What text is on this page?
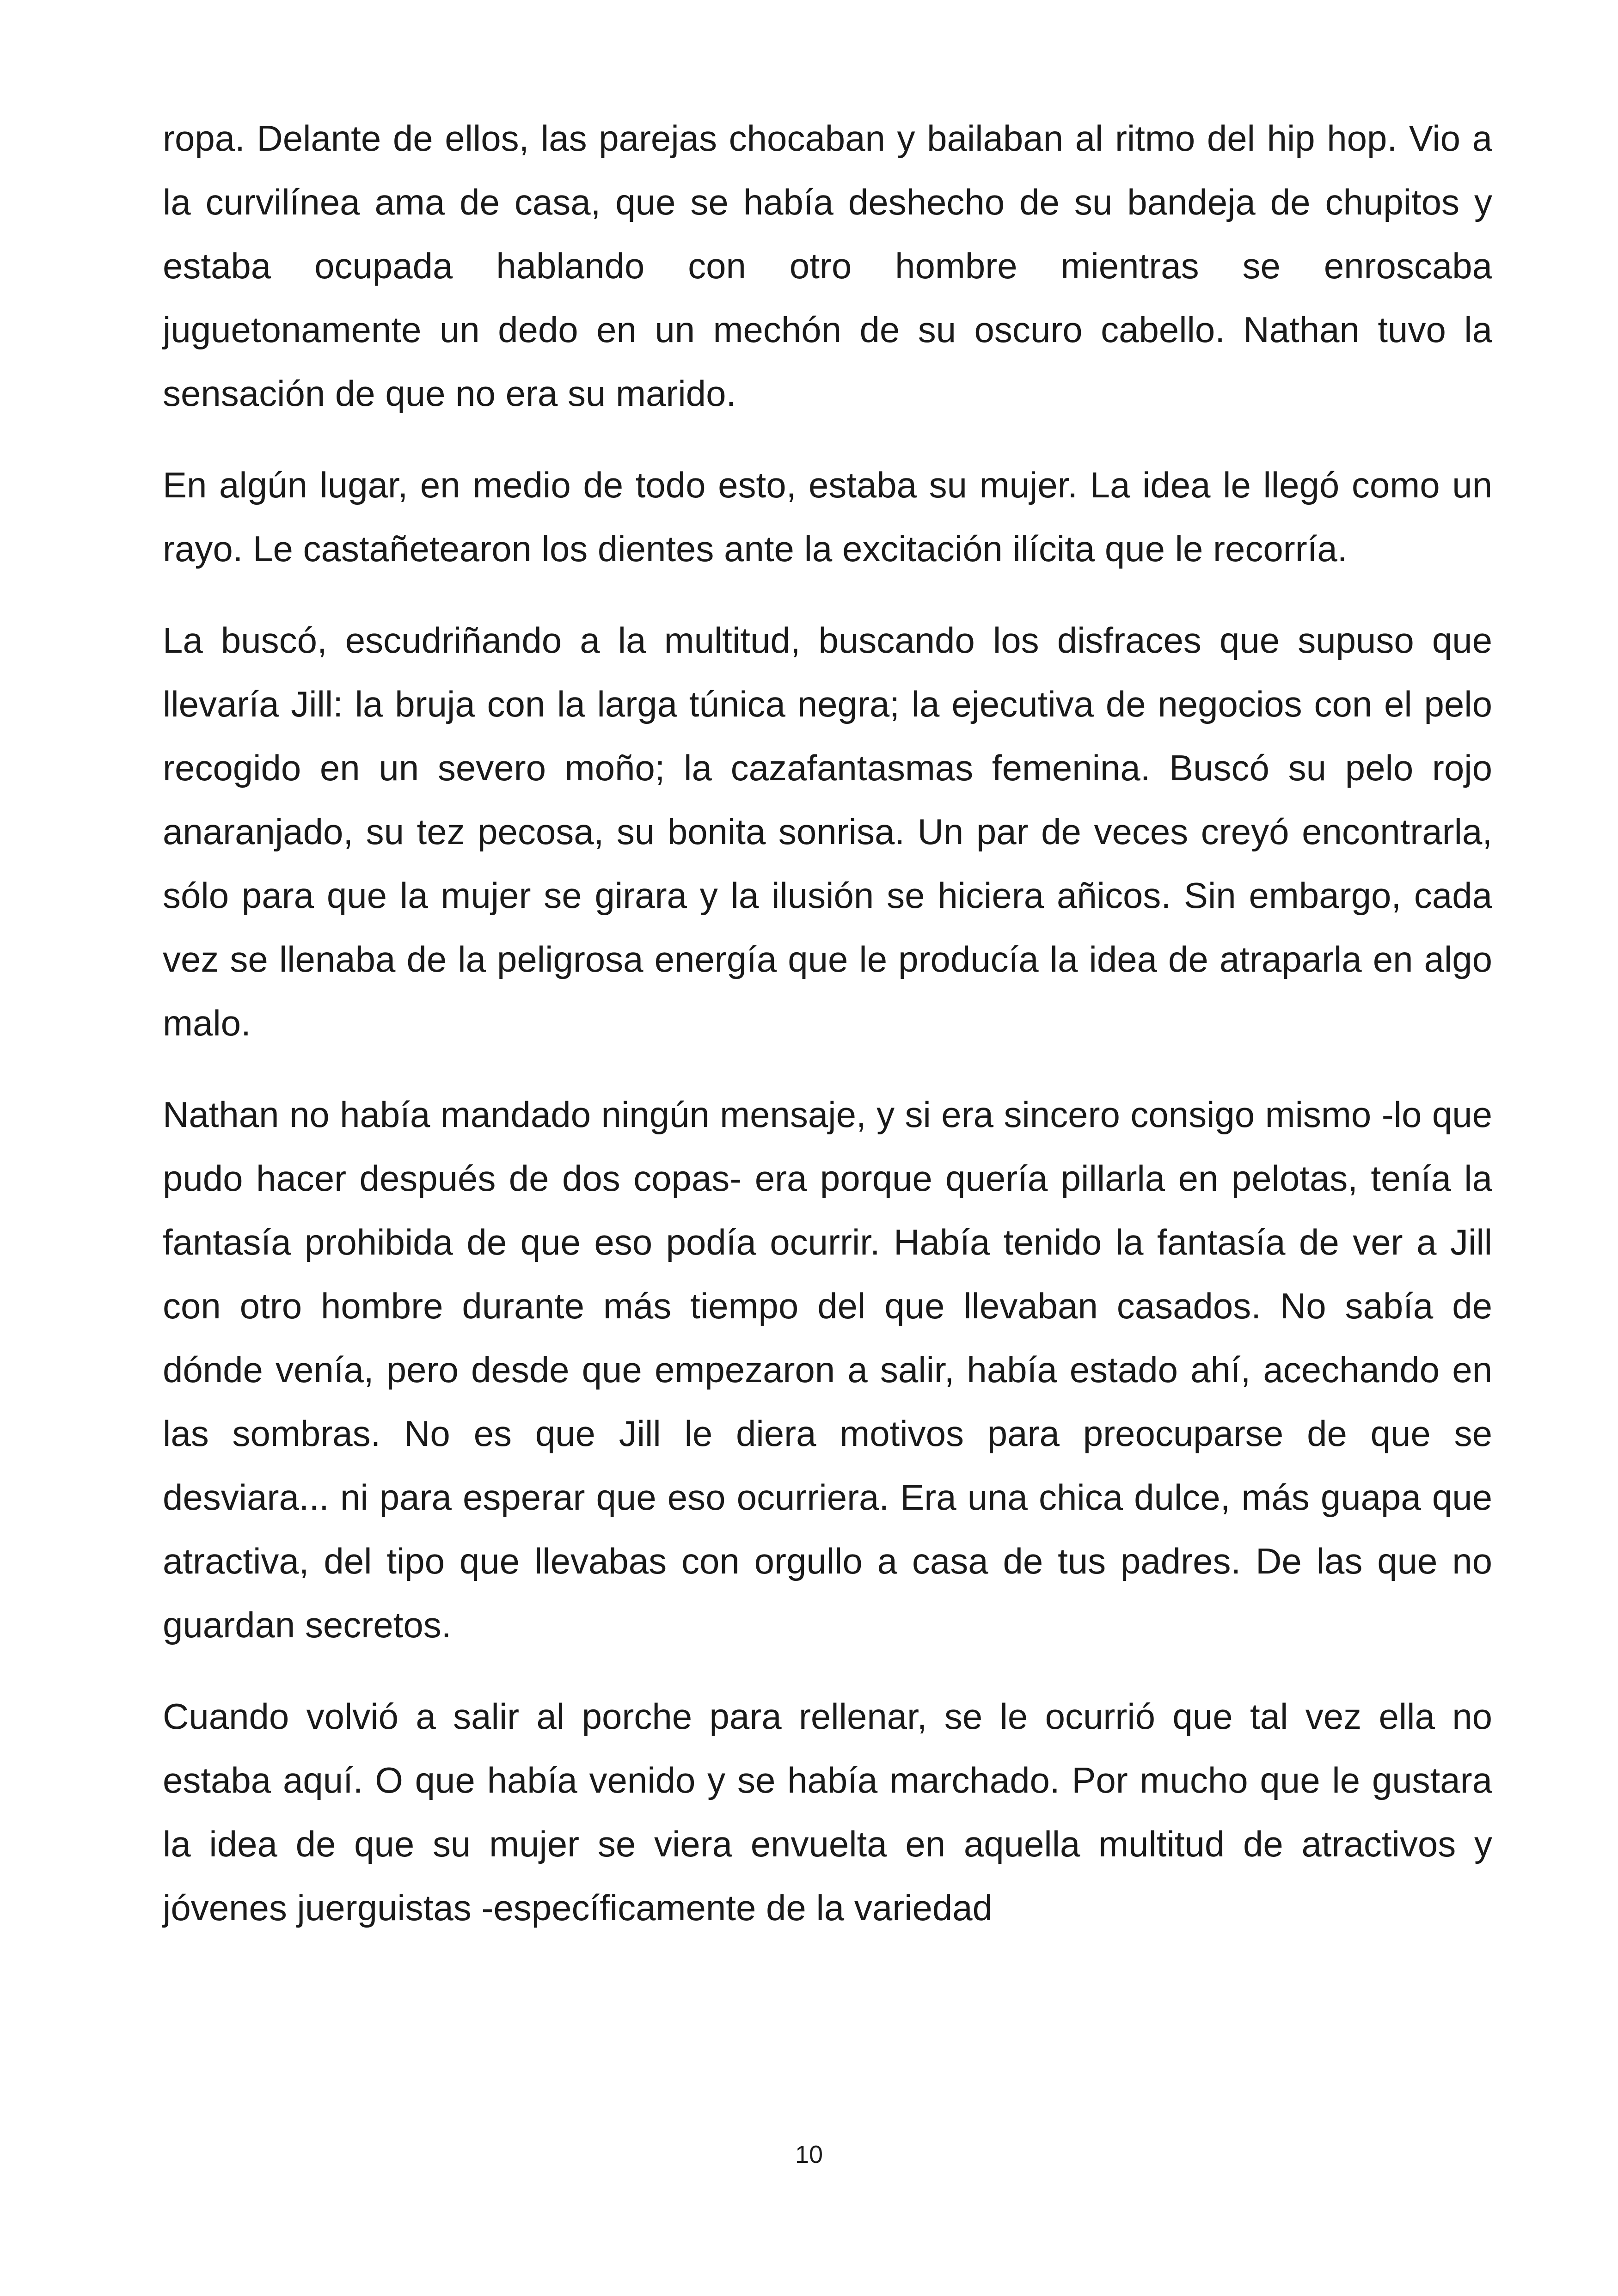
ropa. Delante de ellos, las parejas chocaban y bailaban al ritmo del hip hop. Vio a la curvilínea ama de casa, que se había deshecho de su bandeja de chupitos y estaba ocupada hablando con otro hombre mientras se enroscaba juguetonamente un dedo en un mechón de su oscuro cabello. Nathan tuvo la sensación de que no era su marido.

En algún lugar, en medio de todo esto, estaba su mujer. La idea le llegó como un rayo. Le castañetearon los dientes ante la excitación ilícita que le recorría.

La buscó, escudriñando a la multitud, buscando los disfraces que supuso que llevaría Jill: la bruja con la larga túnica negra; la ejecutiva de negocios con el pelo recogido en un severo moño; la cazafantasmas femenina. Buscó su pelo rojo anaranjado, su tez pecosa, su bonita sonrisa. Un par de veces creyó encontrarla, sólo para que la mujer se girara y la ilusión se hiciera añicos. Sin embargo, cada vez se llenaba de la peligrosa energía que le producía la idea de atraparla en algo malo.

Nathan no había mandado ningún mensaje, y si era sincero consigo mismo -lo que pudo hacer después de dos copas- era porque quería pillarla en pelotas, tenía la fantasía prohibida de que eso podía ocurrir. Había tenido la fantasía de ver a Jill con otro hombre durante más tiempo del que llevaban casados. No sabía de dónde venía, pero desde que empezaron a salir, había estado ahí, acechando en las sombras. No es que Jill le diera motivos para preocuparse de que se desviara... ni para esperar que eso ocurriera. Era una chica dulce, más guapa que atractiva, del tipo que llevabas con orgullo a casa de tus padres. De las que no guardan secretos.

Cuando volvió a salir al porche para rellenar, se le ocurrió que tal vez ella no estaba aquí. O que había venido y se había marchado. Por mucho que le gustara la idea de que su mujer se viera envuelta en aquella multitud de atractivos y jóvenes juerguistas -específicamente de la variedad

10
